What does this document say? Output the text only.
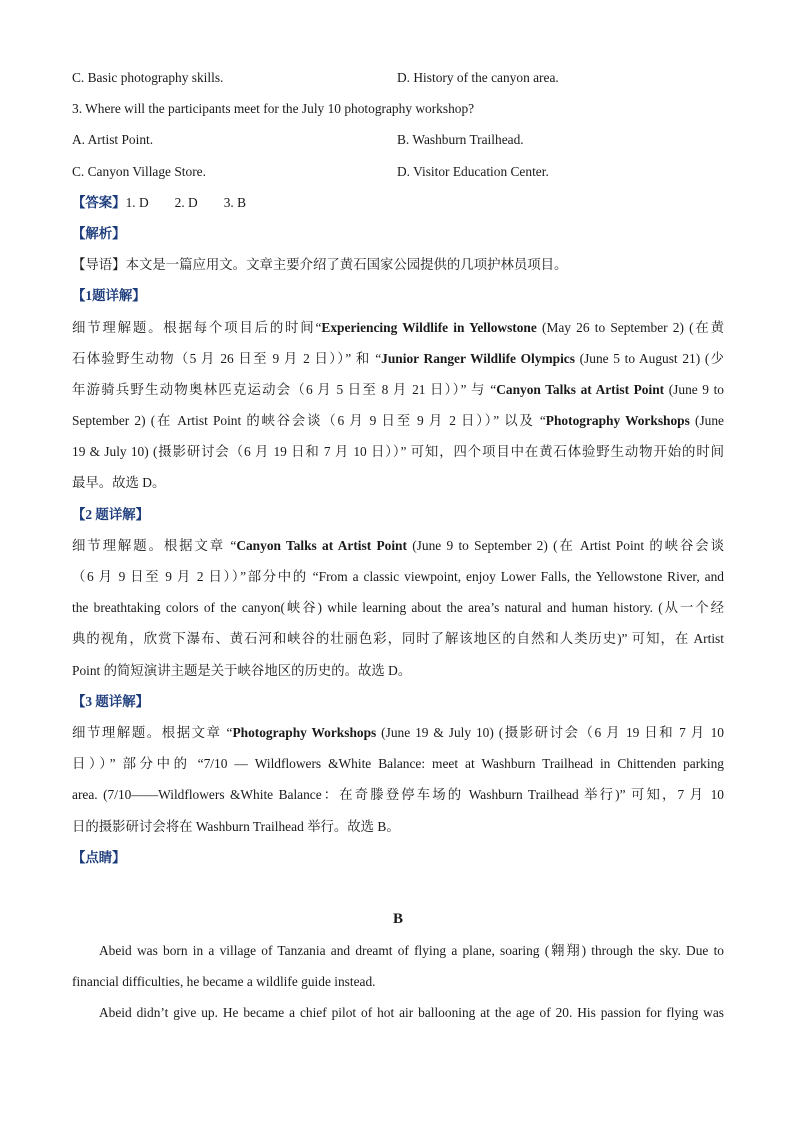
C. Basic photography skills.	D. History of the canyon area.
3. Where will the participants meet for the July 10 photography workshop?
A. Artist Point.	B. Washburn Trailhead.
C. Canyon Village Store.	D. Visitor Education Center.
【答案】1. D 2. D 3. B
【解析】
【导语】本文是一篇应用文。文章主要介绍了黄石国家公园提供的几项护林员项目。
【1题详解】
细节理解题。根据每个项目后的时间“Experiencing Wildlife in Yellowstone (May 26 to September 2) (在黄
石体验野生动物（5 月 26 日至 9 月 2 日））” 和 “Junior Ranger Wildlife Olympics (June 5 to August 21) (少
年游骑兵野生动物奥林匹克运动会（6 月 5 日至 8 月 21 日））” 与 “Canyon Talks at Artist Point (June 9 to
September 2) (在 Artist Point 的峡谷会谈（6 月 9 日至 9 月 2 日））” 以及 “Photography Workshops (June
19 & July 10) (摄影研讨会（6 月 19 日和 7 月 10 日））” 可知，四个项目中在黄石体验野生动物开始的时间
最早。故选 D。
【2 题详解】
细节理解题。根据文章 “Canyon Talks at Artist Point (June 9 to September 2) (在 Artist Point 的峡谷会谈
（6 月 9 日至 9 月 2 日））”部分中的 “From a classic viewpoint, enjoy Lower Falls, the Yellowstone River, and
the breathtaking colors of the canyon(峡谷) while learning about the area’s natural and human history. (从一个经
典的视角，欣赏下瀑布、黄石河和峡谷的壮丽色彩，同时了解该地区的自然和人类历史)” 可知，在 Artist
Point 的简短演讲主题是关于峡谷地区的历史的。故选 D。
【3 题详解】
细节理解题。根据文章 “Photography Workshops (June 19 & July 10) (摄影研讨会（6 月 19 日和 7 月 10
日））” 部分中的 “7/10 — Wildflowers &White Balance: meet at Washburn Trailhead in Chittenden parking
area. (7/10——Wildflowers &White Balance：在奇滕登停车场的 Washburn Trailhead 举行)” 可知，7 月 10
日的摄影研讨会将在 Washburn Trailhead 举行。故选 B。
【点睛】
B
Abeid was born in a village of Tanzania and dreamt of flying a plane, soaring (翱翔) through the sky. Due to
financial difficulties, he became a wildlife guide instead.
Abeid didn’t give up. He became a chief pilot of hot air ballooning at the age of 20. His passion for flying was
